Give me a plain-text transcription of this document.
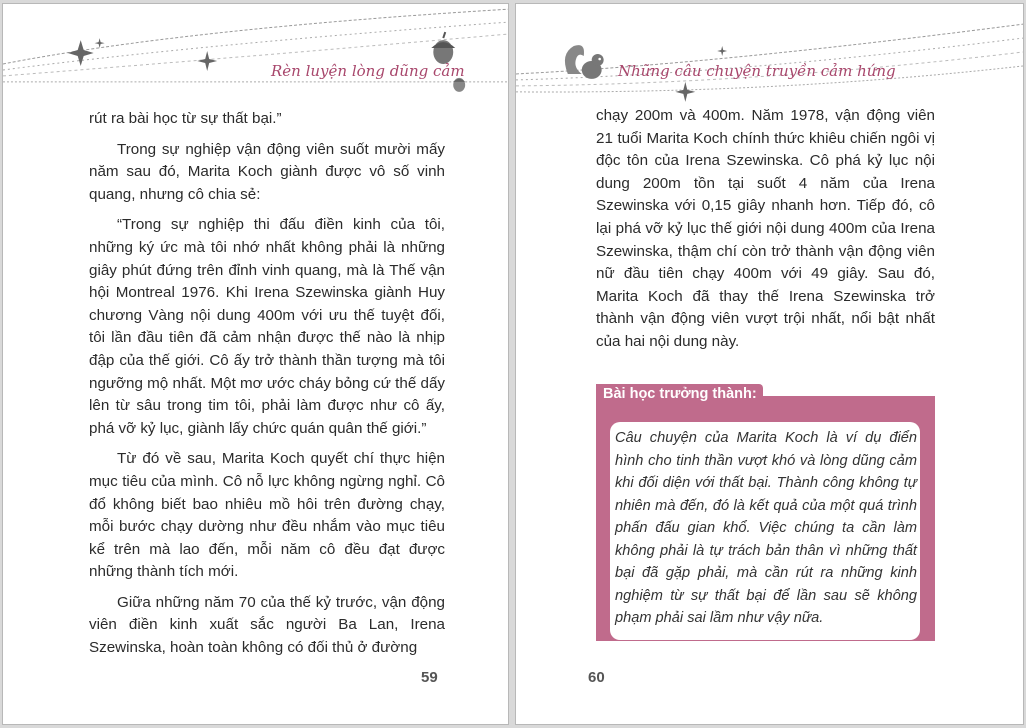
Rèn luyện lòng dũng cảm

rút ra bài học từ sự thất bại.”

Trong sự nghiệp vận động viên suốt mười mấy năm sau đó, Marita Koch giành được vô số vinh quang, nhưng cô chia sẻ:

“Trong sự nghiệp thi đấu điền kinh của tôi, những ký ức mà tôi nhớ nhất không phải là những giây phút đứng trên đỉnh vinh quang, mà là Thế vận hội Montreal 1976. Khi Irena Szewinska giành Huy chương Vàng nội dung 400m với ưu thế tuyệt đối, tôi lần đầu tiên đã cảm nhận được thế nào là nhịp đập của thế giới. Cô ấy trở thành thần tượng mà tôi ngưỡng mộ nhất. Một mơ ước cháy bỏng cứ thế dấy lên từ sâu trong tim tôi, phải làm được như cô ấy, phá vỡ kỷ lục, giành lấy chức quán quân thế giới.”

Từ đó về sau, Marita Koch quyết chí thực hiện mục tiêu của mình. Cô nỗ lực không ngừng nghỉ. Cô đổ không biết bao nhiêu mồ hôi trên đường chạy, mỗi bước chạy dường như đều nhắm vào mục tiêu kể trên mà lao đến, mỗi năm cô đều đạt được những thành tích mới.

Giữa những năm 70 của thế kỷ trước, vận động viên điền kinh xuất sắc người Ba Lan, Irena Szewinska, hoàn toàn không có đối thủ ở đường

59
Những câu chuyện truyền cảm hứng

chạy 200m và 400m. Năm 1978, vận động viên 21 tuổi Marita Koch chính thức khiêu chiến ngôi vị độc tôn của Irena Szewinska. Cô phá kỷ lục nội dung 200m tồn tại suốt 4 năm của Irena Szewinska với 0,15 giây nhanh hơn. Tiếp đó, cô lại phá vỡ kỷ lục thế giới nội dung 400m của Irena Szewinska, thậm chí còn trở thành vận động viên nữ đầu tiên chạy 400m với 49 giây. Sau đó, Marita Koch đã thay thế Irena Szewinska trở thành vận động viên vượt trội nhất, nổi bật nhất của hai nội dung này.

Câu chuyện của Marita Koch là ví dụ điển hình cho tinh thần vượt khó và lòng dũng cảm khi đối diện với thất bại. Thành công không tự nhiên mà đến, đó là kết quả của một quá trình phấn đấu gian khổ. Việc chúng ta cần làm không phải là tự trách bản thân vì những thất bại đã gặp phải, mà cần rút ra những kinh nghiệm từ sự thất bại để lần sau sẽ không phạm phải sai lầm như vậy nữa.

Bài học trưởng thành:
60
